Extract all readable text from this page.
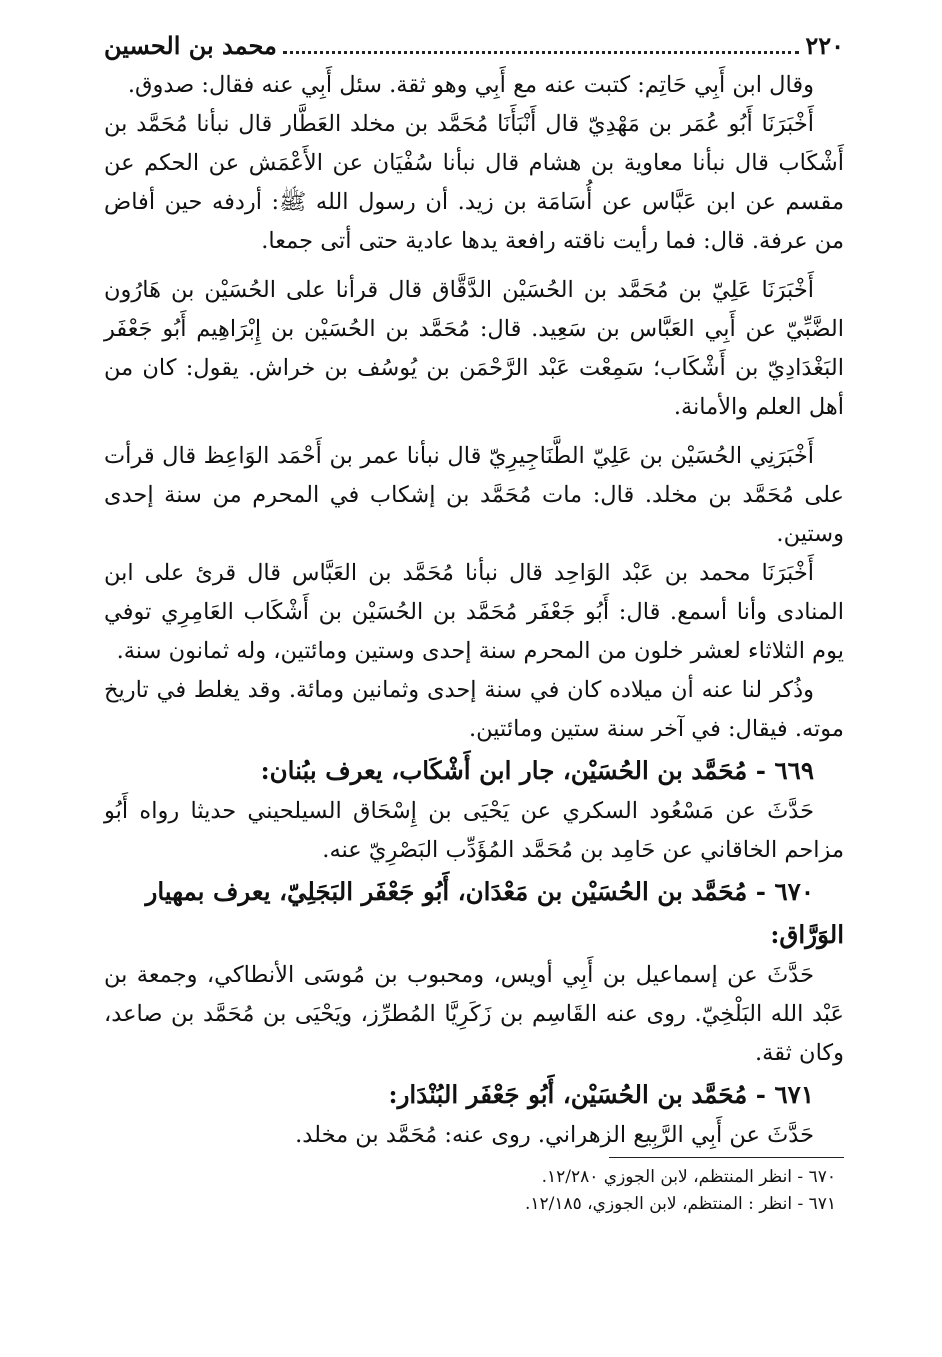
٢٢٠
محمد بن الحسين

وقال ابن أَبِي حَاتِم: كتبت عنه مع أَبِي وهو ثقة. سئل أَبِي عنه فقال: صدوق.

أَخْبَرَنَا أَبُو عُمَر بن مَهْدِيّ قال أَنْبَأَنَا مُحَمَّد بن مخلد العَطَّار قال نبأنا مُحَمَّد بن أَشْكَاب قال نبأنا معاوية بن هشام قال نبأنا سُفْيَان عن الأَعْمَش عن الحكم عن مقسم عن ابن عَبَّاس عن أُسَامَة بن زيد. أن رسول الله ﷺ: أردفه حين أفاض من عرفة. قال: فما رأيت ناقته رافعة يدها عادية حتى أتى جمعا.

أَخْبَرَنَا عَلِيّ بن مُحَمَّد بن الحُسَيْن الدَّقَّاق قال قرأنا على الحُسَيْن بن هَارُون الضَّبِّيّ عن أَبِي العَبَّاس بن سَعِيد. قال: مُحَمَّد بن الحُسَيْن بن إِبْرَاهِيم أَبُو جَعْفَر البَغْدَادِيّ بن أَشْكَاب؛ سَمِعْت عَبْد الرَّحْمَن بن يُوسُف بن خراش. يقول: كان من أهل العلم والأمانة.

أَخْبَرَنِي الحُسَيْن بن عَلِيّ الطَّنَاجِيرِيّ قال نبأنا عمر بن أَحْمَد الوَاعِظ قال قرأت على مُحَمَّد بن مخلد. قال: مات مُحَمَّد بن إشكاب في المحرم من سنة إحدى وستين.

أَخْبَرَنَا محمد بن عَبْد الوَاحِد قال نبأنا مُحَمَّد بن العَبَّاس قال قرئ على ابن المنادى وأنا أسمع. قال: أَبُو جَعْفَر مُحَمَّد بن الحُسَيْن بن أَشْكَاب العَامِرِي توفي يوم الثلاثاء لعشر خلون من المحرم سنة إحدى وستين ومائتين، وله ثمانون سنة.

وذُكر لنا عنه أن ميلاده كان في سنة إحدى وثمانين ومائة. وقد يغلط في تاريخ موته. فيقال: في آخر سنة ستين ومائتين.

٦٦٩ - مُحَمَّد بن الحُسَيْن، جار ابن أَشْكَاب، يعرف ببُنان:

حَدَّثَ عن مَسْعُود السكري عن يَحْيَى بن إِسْحَاق السيلحيني حديثا رواه أَبُو مزاحم الخاقاني عن حَامِد بن مُحَمَّد المُؤَدِّب البَصْرِيّ عنه.

٦٧٠ - مُحَمَّد بن الحُسَيْن بن مَعْدَان، أَبُو جَعْفَر البَجَلِيّ، يعرف بمهيار الوَرَّاق:

حَدَّثَ عن إسماعيل بن أَبِي أويس، ومحبوب بن مُوسَى الأنطاكي، وجمعة بن عَبْد الله البَلْخِيّ. روى عنه القَاسِم بن زَكَرِيَّا المُطرِّز، ويَحْيَى بن مُحَمَّد بن صاعد، وكان ثقة.

٦٧١ - مُحَمَّد بن الحُسَيْن، أَبُو جَعْفَر البُنْدَار:

حَدَّثَ عن أَبِي الرَّبِيع الزهراني. روى عنه: مُحَمَّد بن مخلد.

٦٧٠ - انظر المنتظم، لابن الجوزي ١٢/٢٨٠.

٦٧١ - انظر : المنتظم، لابن الجوزي، ١٢/١٨٥.
